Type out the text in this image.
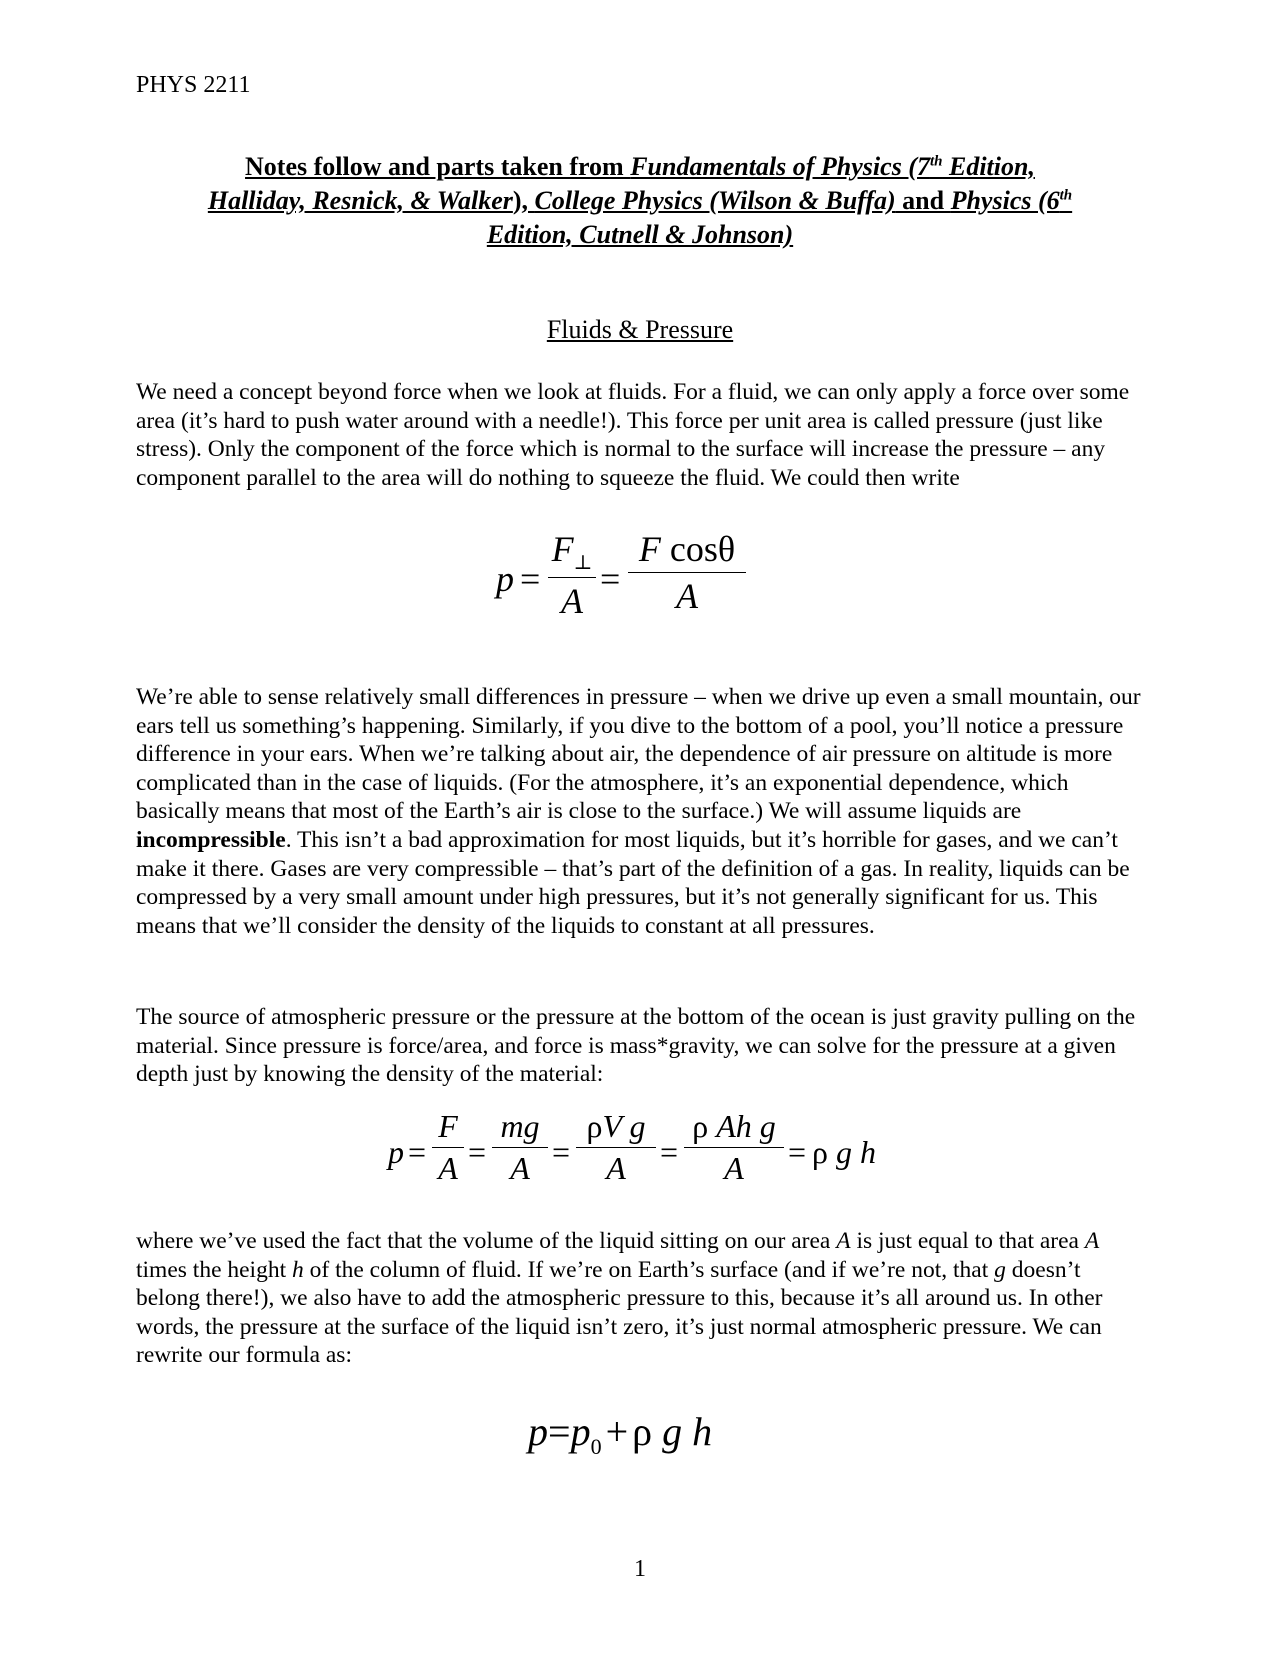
PHYS 2211
Notes follow and parts taken from Fundamentals of Physics (7th Edition,
Halliday, Resnick, & Walker), College Physics (Wilson & Buffa) and Physics (6th
Edition, Cutnell & Johnson)
Fluids & Pressure

We need a concept beyond force when we look at fluids. For a fluid, we can only apply a force over some area (it’s hard to push water around with a needle!). This force per unit area is called pressure (just like stress). Only the component of the force which is normal to the surface will increase the pressure – any component parallel to the area will do nothing to squeeze the fluid. We could then write

p =
$F_\perp$
A
=
F cosθ
A

We’re able to sense relatively small differences in pressure – when we drive up even a small mountain, our ears tell us something’s happening. Similarly, if you dive to the bottom of a pool, you’ll notice a pressure difference in your ears. When we’re talking about air, the dependence of air pressure on altitude is more complicated than in the case of liquids. (For the atmosphere, it’s an exponential dependence, which basically means that most of the Earth’s air is close to the surface.) We will assume liquids are incompressible. This isn’t a bad approximation for most liquids, but it’s horrible for gases, and we can’t make it there. Gases are very compressible – that’s part of the definition of a gas. In reality, liquids can be compressed by a very small amount under high pressures, but it’s not generally significant for us. This means that we’ll consider the density of the liquids to constant at all pressures.

The source of atmospheric pressure or the pressure at the bottom of the ocean is just gravity pulling on the material. Since pressure is force/area, and force is mass*gravity, we can solve for the pressure at a given depth just by knowing the density of the material:

p =
F
A =
mg
A =
ρV g
A	=
ρ Ah g
A	= ρ g h

where we’ve used the fact that the volume of the liquid sitting on our area A is just equal to that area A times the height h of the column of fluid. If we’re on Earth’s surface (and if we’re not, that g doesn’t belong there!), we also have to add the atmospheric pressure to this, because it’s all around us. In other words, the pressure at the surface of the liquid isn’t zero, it’s just normal atmospheric pressure. We can rewrite our formula as:

$p=p_0 + \rho$ g h
1
